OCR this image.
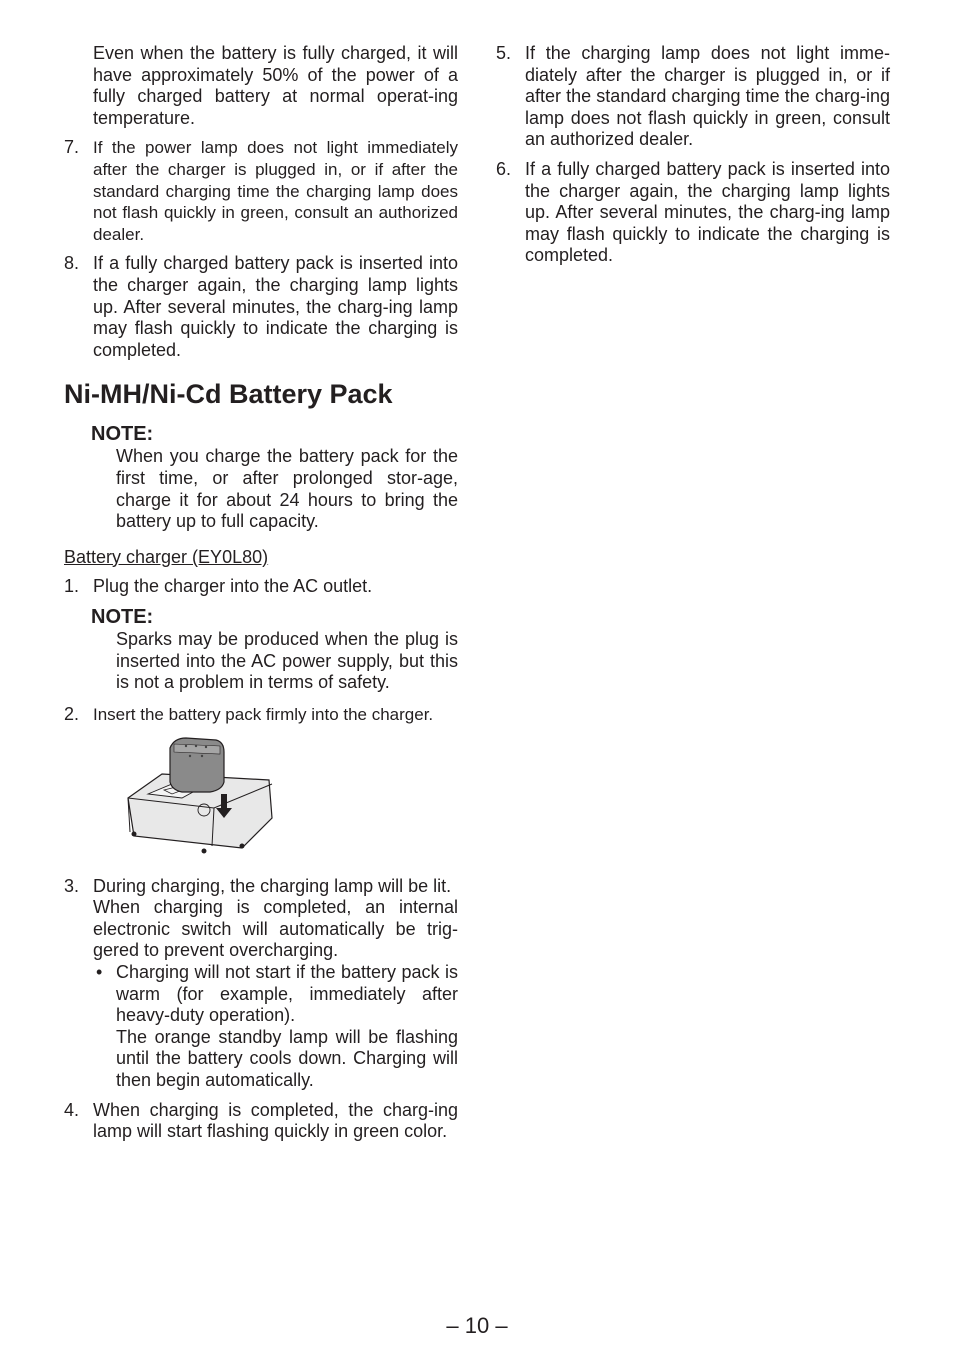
Even when the battery is fully charged, it will have approximately 50% of the power of a fully charged battery at normal operat-ing temperature.

7. If the power lamp does not light immediately after the charger is plugged in, or if after the standard charging time the charging lamp does not flash quickly in green, consult an authorized dealer.

8. If a fully charged battery pack is inserted into the charger again, the charging lamp lights up. After several minutes, the charg-ing lamp may flash quickly to indicate the charging is completed.

Ni-MH/Ni-Cd Battery Pack
NOTE:

When you charge the battery pack for the first time, or after prolonged stor-age, charge it for about 24 hours to bring the battery up to full capacity.

Battery charger (EY0L80)
1. Plug the charger into the AC outlet.

NOTE:

Sparks may be produced when the plug is inserted into the AC power supply, but this is not a problem in terms of safety.

2. Insert the battery pack firmly into the charger.

3. During charging, the charging lamp will be lit.

When charging is completed, an internal electronic switch will automatically be trig-gered to prevent overcharging.

• Charging will not start if the battery pack is warm (for example, immediately after heavy-duty operation).

The orange standby lamp will be flashing until the battery cools down. Charging will then begin automatically.

4. When charging is completed, the charg-ing lamp will start flashing quickly in green color.

5. If the charging lamp does not light imme-diately after the charger is plugged in, or if after the standard charging time the charg-ing lamp does not flash quickly in green, consult an authorized dealer.

6. If a fully charged battery pack is inserted into the charger again, the charging lamp lights up. After several minutes, the charg-ing lamp may flash quickly to indicate the charging is completed.

– 10 –
